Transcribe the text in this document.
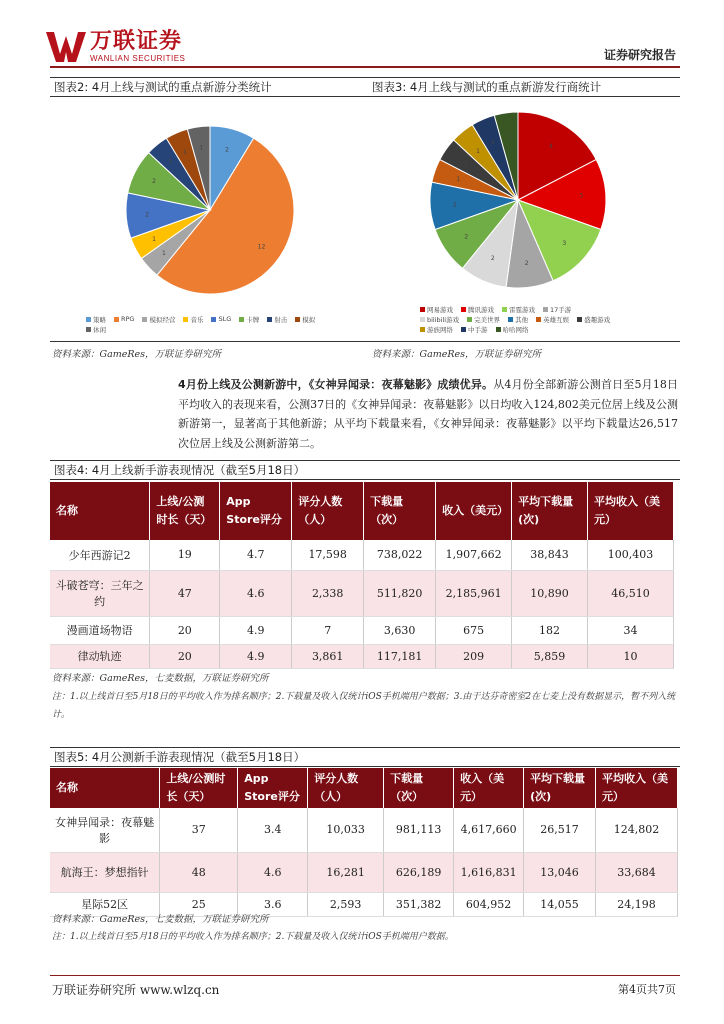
万联证券
WANLIAN SECURITIES	证券研究报告
图表2: 4月上线与测试的重点新游分类统计	图表3: 4月上线与测试的重点新游发行商统计
2
12
1
1
2
2
1
1
1
策略 RPG 模拟经营 音乐 SLG 卡牌 射击 模拟
休闲
4
3
3
2
2
2
2
1
1
1
1
1
网易游戏 腾讯游戏 雷霆游戏 17手游
bilibili游戏 完美世界 其他 英雄互娱 盛趣游戏
游族网络 中手游 哈哈网络
资料来源：GameRes，万联证券研究所	资料来源：GameRes，万联证券研究所
4月份上线及公测新游中，《女神异闻录：夜幕魅影》成绩优异。从4月份全部新游公测首日至5月18日平均收入的表现来看，公测37日的《女神异闻录：夜幕魅影》以日均收入124,802美元位居上线及公测新游第一，显著高于其他新游；从平均下载量来看，《女神异闻录：夜幕魅影》以平均下载量达26,517次位居上线及公测新游第二。
图表4: 4月上线新手游表现情况（截至5月18日）
名称	上线/公测时长（天）	App Store评分	评分人数（人）	下载量（次）	收入（美元）	平均下载量(次)	平均收入（美元）
少年西游记2	19	4.7	17,598	738,022	1,907,662	38,843	100,403
斗破苍穹：三年之约	47	4.6	2,338	511,820	2,185,961	10,890	46,510
漫画道场物语	20	4.9	7	3,630	675	182	34
律动轨迹	20	4.9	3,861	117,181	209	5,859	10
资料来源：GameRes，七麦数据，万联证券研究所
注：1.以上线首日至5月18日的平均收入作为排名顺序；2.下载量及收入仅统计iOS手机端用户数据；3.由于达芬奇密室2在七麦上没有数据显示，暂不列入统计。
图表5: 4月公测新手游表现情况（截至5月18日）
名称	上线/公测时长（天）	App Store评分	评分人数（人）	下载量（次）	收入（美元）	平均下载量(次)	平均收入（美元）
女神异闻录：夜幕魅影	37	3.4	10,033	981,113	4,617,660	26,517	124,802
航海王：梦想指针	48	4.6	16,281	626,189	1,616,831	13,046	33,684
星际52区	25	3.6	2,593	351,382	604,952	14,055	24,198
资料来源：GameRes，七麦数据，万联证券研究所
注：1.以上线首日至5月18日的平均收入作为排名顺序；2.下载量及收入仅统计iOS手机端用户数据。
万联证券研究所 www.wlzq.cn	第4页共7页
